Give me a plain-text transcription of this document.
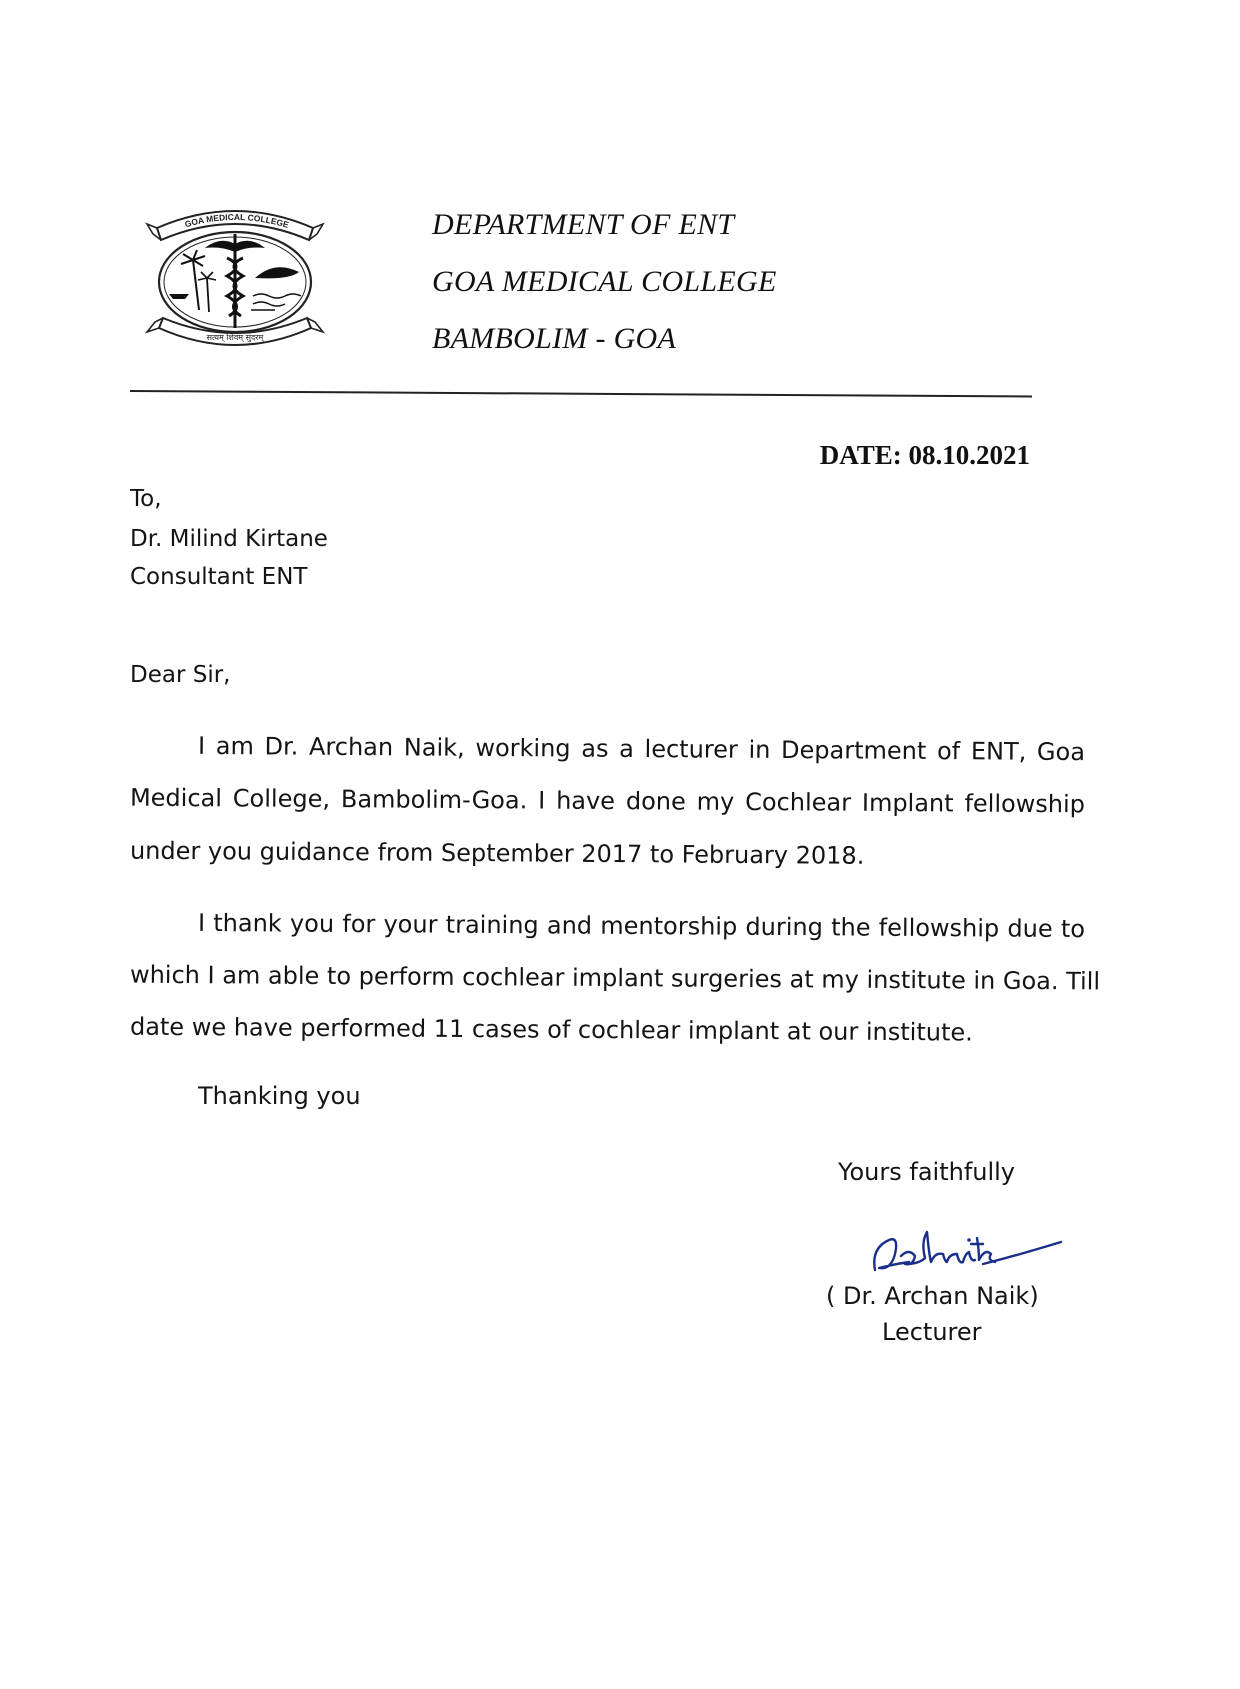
GOA MEDICAL COLLEGE
सत्यम् शिवम् सुंदरम्
DEPARTMENT OF ENT
GOA MEDICAL COLLEGE
BAMBOLIM - GOA
DATE: 08.10.2021
To,
Dr. Milind Kirtane
Consultant ENT
Dear Sir,
I am Dr. Archan Naik, working as a lecturer in Department of ENT, Goa
Medical College, Bambolim-Goa. I have done my Cochlear Implant fellowship
under you guidance from September 2017 to February 2018.
I thank you for your training and mentorship during the fellowship due to
which I am able to perform cochlear implant surgeries at my institute in Goa. Till
date we have performed 11 cases of cochlear implant at our institute.
Thanking you
Yours faithfully
( Dr. Archan Naik)
Lecturer
